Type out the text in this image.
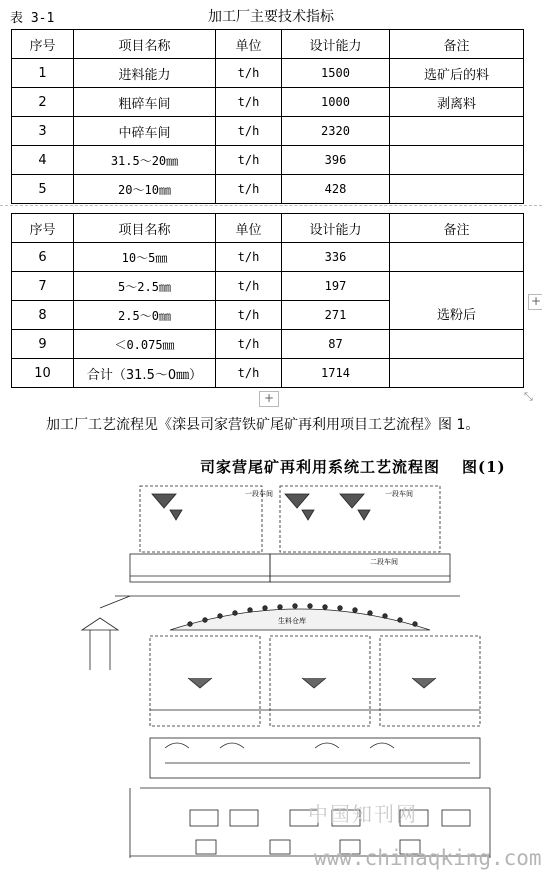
表 3-1	加工厂主要技术指标
序号	项目名称	单位	设计能力	备注
1	进料能力	t/h	1500	选矿后的料
2	粗碎车间	t/h	1000	剥离料
3	中碎车间	t/h	2320	
4	31.5～20㎜	t/h	396	
5	20～10㎜	t/h	428	
序号	项目名称	单位	设计能力	备注
6	10～5㎜	t/h	336	
7	5～2.5㎜	t/h	197	选粉后
8	2.5～0㎜	t/h	271	
9	＜0.075㎜	t/h	87	
10	合计（31.5～0㎜）	t/h	1714	
+
+	⤡
加工厂工艺流程见《滦县司家营铁矿尾矿再利用项目工艺流程》图 1。
司家营尾矿再利用系统工艺流程图 图(1)
一段车间	一段车间
二段车间
生料仓库
中国知刊网
www.chinaqking.com
